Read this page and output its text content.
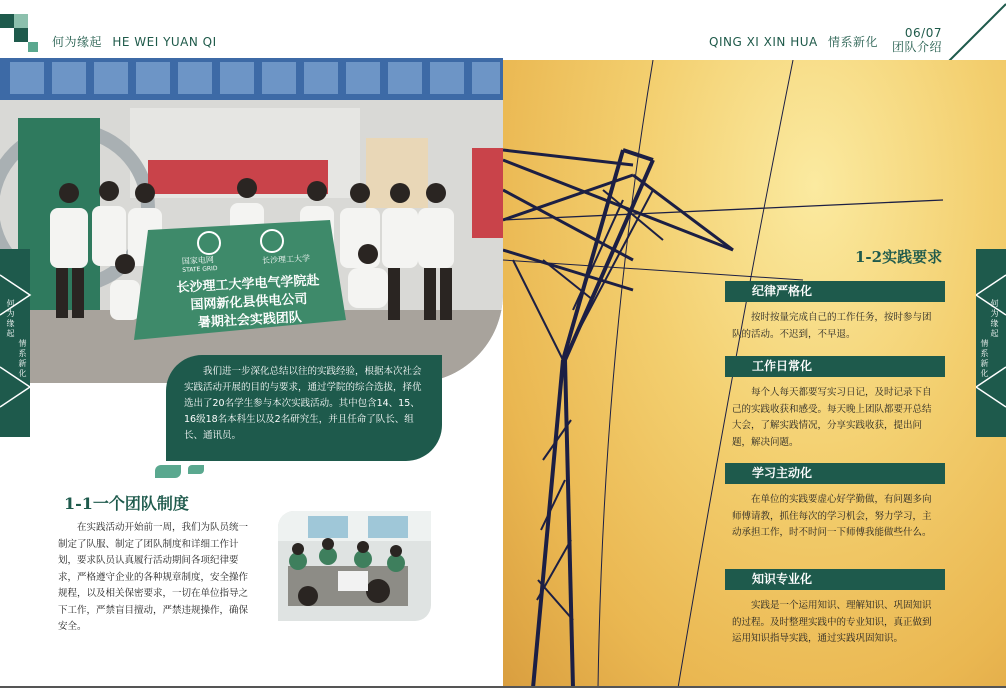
何为缘起 HE WEI YUAN QI	QING XI XIN HUA 情系新化
06/07
团队介绍
国家电网
STATE GRID
长沙理工大学
长沙理工大学电气学院赴
国网新化县供电公司
暑期社会实践团队
我们进一步深化总结以往的实践经验，根据本次社会实践活动开展的目的与要求，通过学院的综合选拔，择优选出了20名学生参与本次实践活动。其中包含14、15、16级18名本科生以及2名研究生，并且任命了队长、组长、通讯员。
1-1一个团队制度
在实践活动开始前一周，我们为队员统一制定了队服、制定了团队制度和详细工作计划，要求队员认真履行活动期间各项纪律要求，严格遵守企业的各种规章制度，安全操作规程，以及相关保密要求，一切在单位指导之下工作，严禁盲目擅动，严禁违规操作，确保安全。
何为缘起
情系新化
1-2实践要求
纪律严格化
按时按量完成自己的工作任务，按时参与团队的活动。不迟到，不早退。
工作日常化
每个人每天都要写实习日记，及时记录下自己的实践收获和感受。每天晚上团队都要开总结大会，了解实践情况，分享实践收获，提出问题，解决问题。
学习主动化
在单位的实践要虚心好学勤做，有问题多向师傅请教，抓住每次的学习机会，努力学习，主动承担工作，时不时问一下师傅我能做些什么。
知识专业化
实践是一个运用知识、理解知识、巩固知识的过程。及时整理实践中的专业知识，真正做到运用知识指导实践，通过实践巩固知识。
何为缘起
情系新化
